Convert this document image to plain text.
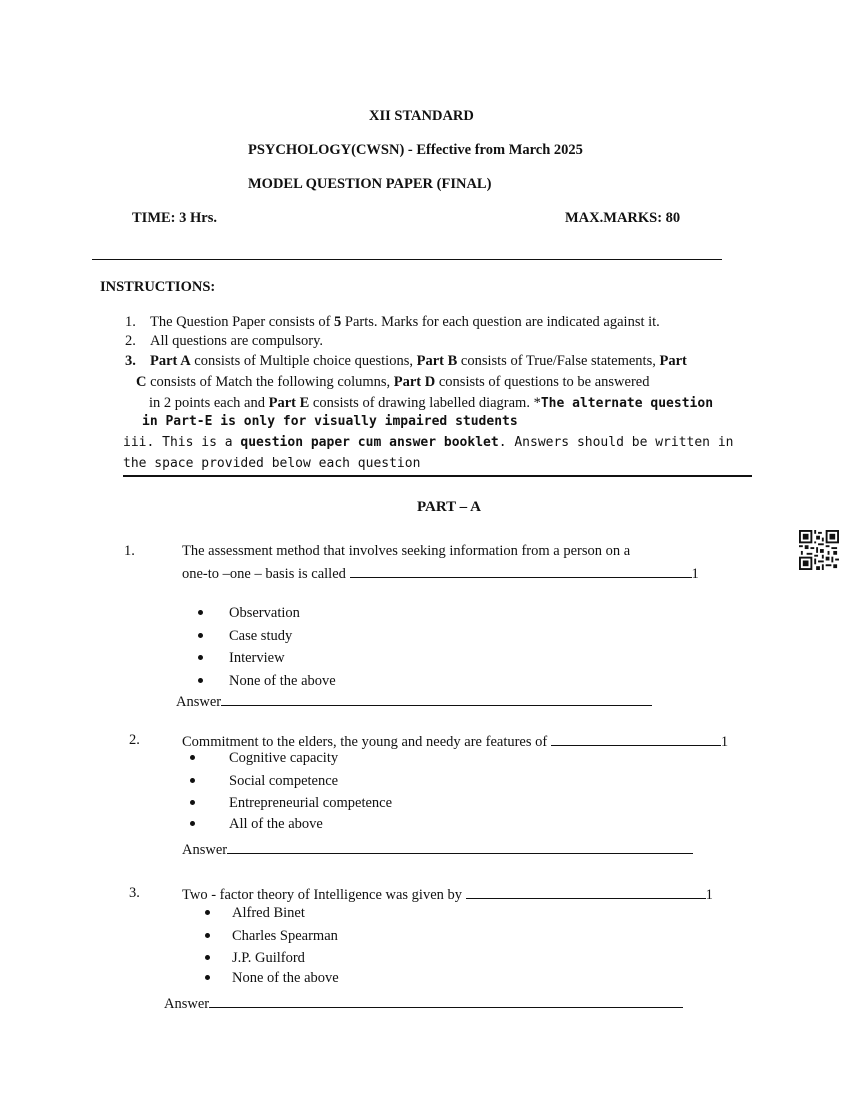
XII STANDARD
PSYCHOLOGY(CWSN) - Effective from March 2025
MODEL QUESTION PAPER (FINAL)
TIME: 3 Hrs.	MAX.MARKS: 80
INSTRUCTIONS:
1. The Question Paper consists of 5 Parts. Marks for each question are indicated against it.
2. All questions are compulsory.
3. Part A consists of Multiple choice questions, Part B consists of True/False statements, Part
C consists of Match the following columns, Part D consists of questions to be answered
in 2 points each and Part E consists of drawing labelled diagram. *The alternate question
in Part-E is only for visually impaired students
iii. This is a question paper cum answer booklet. Answers should be written in
the space provided below each question
PART – A
1.	The assessment method that involves seeking information from a person on a
one-to –one – basis is called	1
Observation
Case study
Interview
None of the above
Answer
2.	Commitment to the elders, the young and needy are features of	1
Cognitive capacity
Social competence
Entrepreneurial competence
All of the above
Answer
3.	Two - factor theory of Intelligence was given by	1
Alfred Binet
Charles Spearman
J.P. Guilford
None of the above
Answer
